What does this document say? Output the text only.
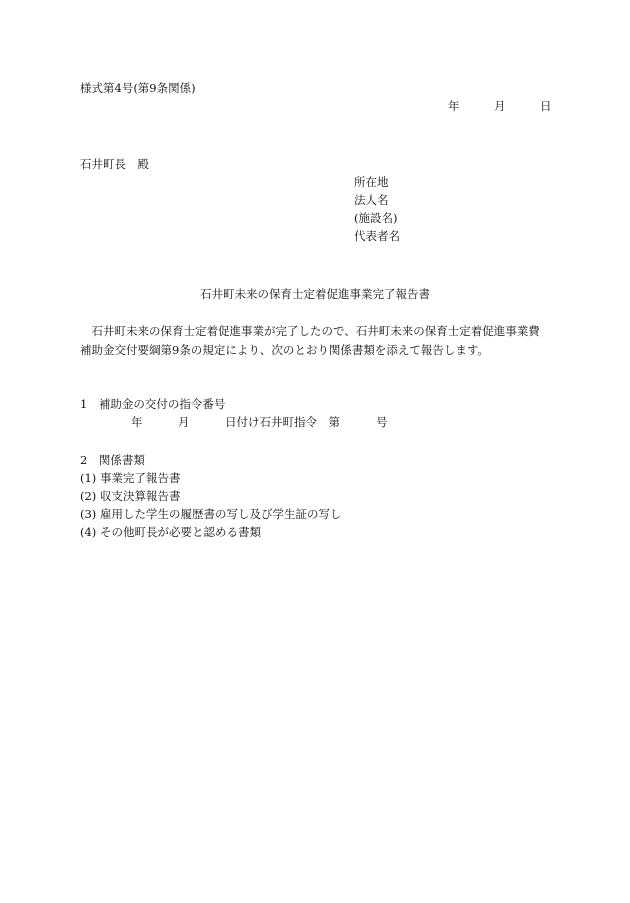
様式第4号(第9条関係)
年	月	日
石井町長　殿
所在地
法人名
(施設名)
代表者名
石井町未来の保育士定着促進事業完了報告書
石井町未来の保育士定着促進事業が完了したので、石井町未来の保育士定着促進事業費
補助金交付要綱第9条の規定により、次のとおり関係書類を添えて報告します。
1　補助金の交付の指令番号
年	月	日付け石井町指令　第	号
2　関係書類
(1) 事業完了報告書
(2) 収支決算報告書
(3) 雇用した学生の履歴書の写し及び学生証の写し
(4) その他町長が必要と認める書類
